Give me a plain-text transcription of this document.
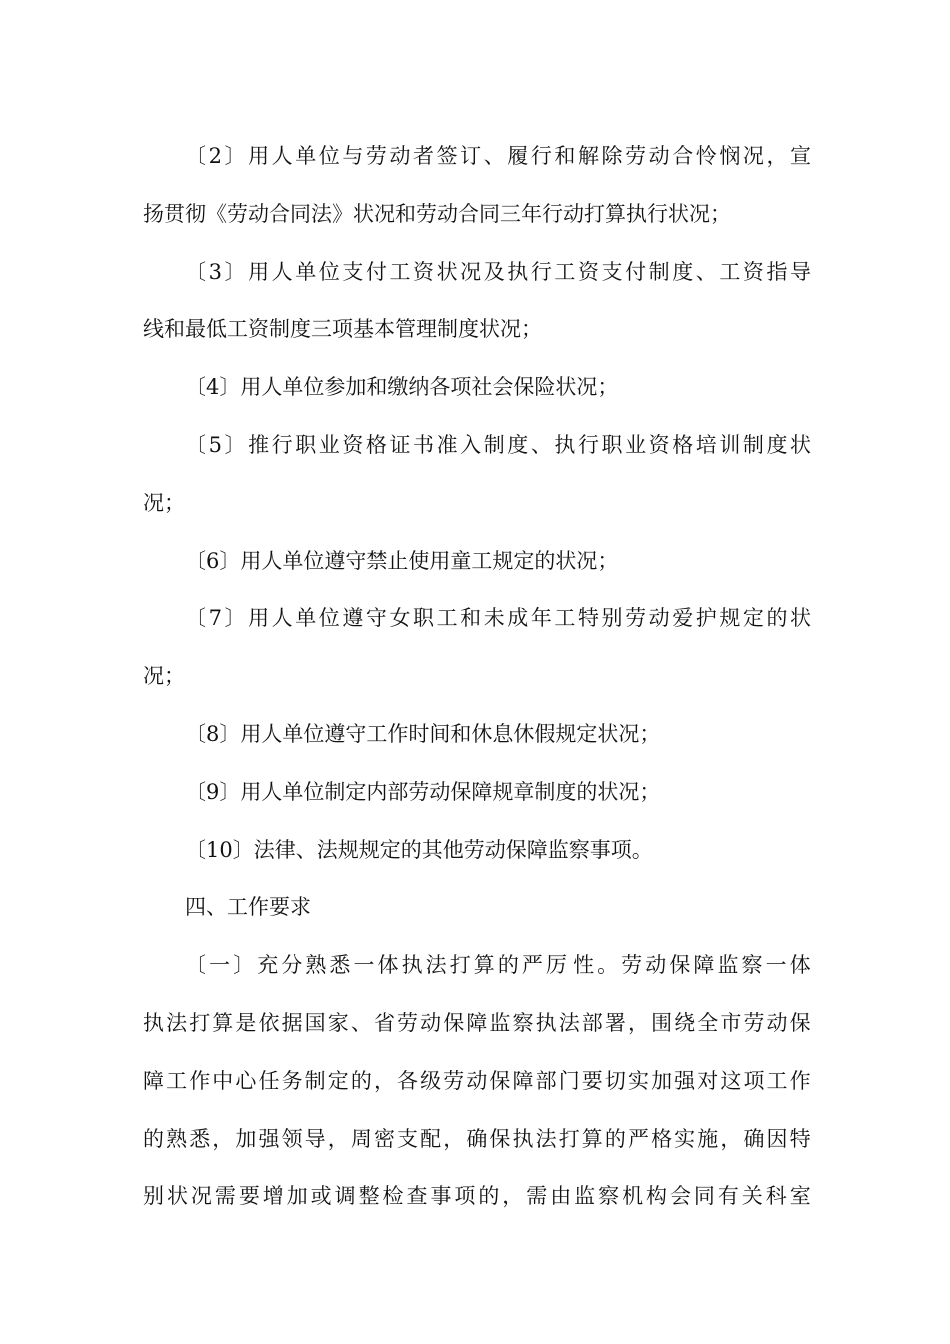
〔 2 〕 用 人 单 位 与 劳 动 者 签 订 、 履 行 和 解 除 劳 动 合 怜 悯 况 ， 宣
扬贯彻《劳动合同法》状况和劳动合同三年行动打算执行状况；
〔 3 〕 用 人 单 位 支 付 工 资 状 况 及 执 行 工 资 支 付 制 度 、 工 资 指 导
线和最低工资制度三项基本管理制度状况；
〔4〕用人单位参加和缴纳各项社会保险状况；
〔 5 〕 推 行 职 业 资 格 证 书 准 入 制 度 、 执 行 职 业 资 格 培 训 制 度 状
况；
〔6〕用人单位遵守禁止使用童工规定的状况；
〔 7 〕 用 人 单 位 遵 守 女 职 工 和 未 成 年 工 特 别 劳 动 爱 护 规 定 的 状
况；
〔8〕用人单位遵守工作时间和休息休假规定状况；
〔9〕用人单位制定内部劳动保障规章制度的状况；
〔10〕法律、法规规定的其他劳动保障监察事项。
四、工作要求
〔 一 〕 充 分 熟 悉 一 体 执 法 打 算 的 严 厉 性 。 劳 动 保 障 监 察 一 体
执 法 打 算 是 依 据 国 家 、 省 劳 动 保 障 监 察 执 法 部 署 ， 围 绕 全 市 劳 动 保
障 工 作 中 心 任 务 制 定 的 ， 各 级 劳 动 保 障 部 门 要 切 实 加 强 对 这 项 工 作
的 熟 悉 ， 加 强 领 导 ， 周 密 支 配 ， 确 保 执 法 打 算 的 严 格 实 施 ， 确 因 特
别 状 况 需 要 增 加 或 调 整 检 查 事 项 的 ， 需 由 监 察 机 构 会 同 有 关 科 室
